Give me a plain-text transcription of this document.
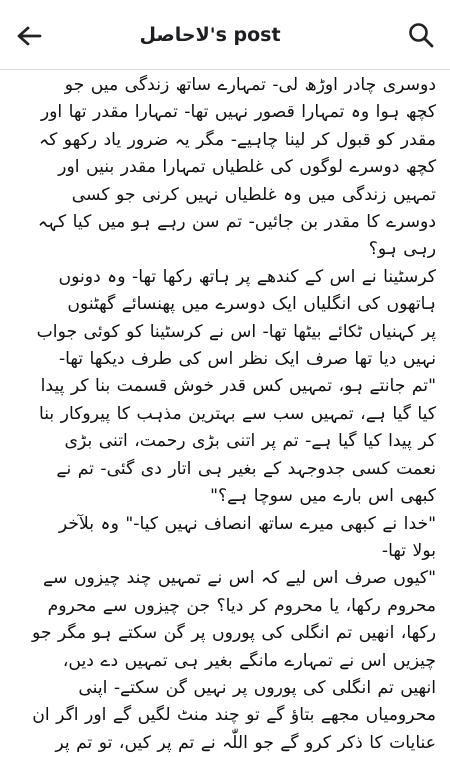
لاحاصل's post
دوسری چادر اوڑھ لی- تمہارے ساتھ زندگی میں جو
کچھ ہوا وہ تمہارا قصور نہیں تھا- تمہارا مقدر تھا اور
مقدر کو قبول کر لینا چاہیے- مگر یہ ضرور یاد رکھو کہ
کچھ دوسرے لوگوں کی غلطیاں تمہارا مقدر بنیں اور
تمہیں زندگی میں وہ غلطیاں نہیں کرنی جو کسی
دوسرے کا مقدر بن جائیں- تم سن رہے ہو میں کیا کہہ
رہی ہو؟
کرسٹینا نے اس کے کندھے پر ہاتھ رکھا تھا- وہ دونوں
ہاتھوں کی انگلیاں ایک دوسرے میں پھنسائے گھٹنوں
پر کہنیاں ٹکائے بیٹھا تھا- اس نے کرسٹینا کو کوئی جواب
نہیں دیا تھا صرف ایک نظر اس کی طرف دیکھا تھا-
"تم جانتے ہو، تمہیں کس قدر خوش قسمت بنا کر پیدا
کیا گیا ہے، تمہیں سب سے بہترین مذہب کا پیروکار بنا
کر پیدا کیا گیا ہے- تم پر اتنی بڑی رحمت، اتنی بڑی
نعمت کسی جدوجہد کے بغیر ہی اتار دی گئی- تم نے
کبھی اس بارے میں سوچا ہے؟"
"خدا نے کبھی میرے ساتھ انصاف نہیں کیا-" وہ بلآخر
بولا تھا-
"کیوں صرف اس لیے کہ اس نے تمہیں چند چیزوں سے
محروم رکھا، یا محروم کر دیا؟ جن چیزوں سے محروم
رکھا، انھیں تم انگلی کی پوروں پر گن سکتے ہو مگر جو
چیزیں اس نے تمہارے مانگے بغیر ہی تمہیں دے دیں،
انھیں تم انگلی کی پوروں پر نہیں گن سکتے- اپنی
محرومیاں مجھے بتاؤ گے تو چند منٹ لگیں گے اور اگر ان
عنایات کا ذکر کرو گے جو اللّٰہ نے تم پر کیں، تو تم پر
